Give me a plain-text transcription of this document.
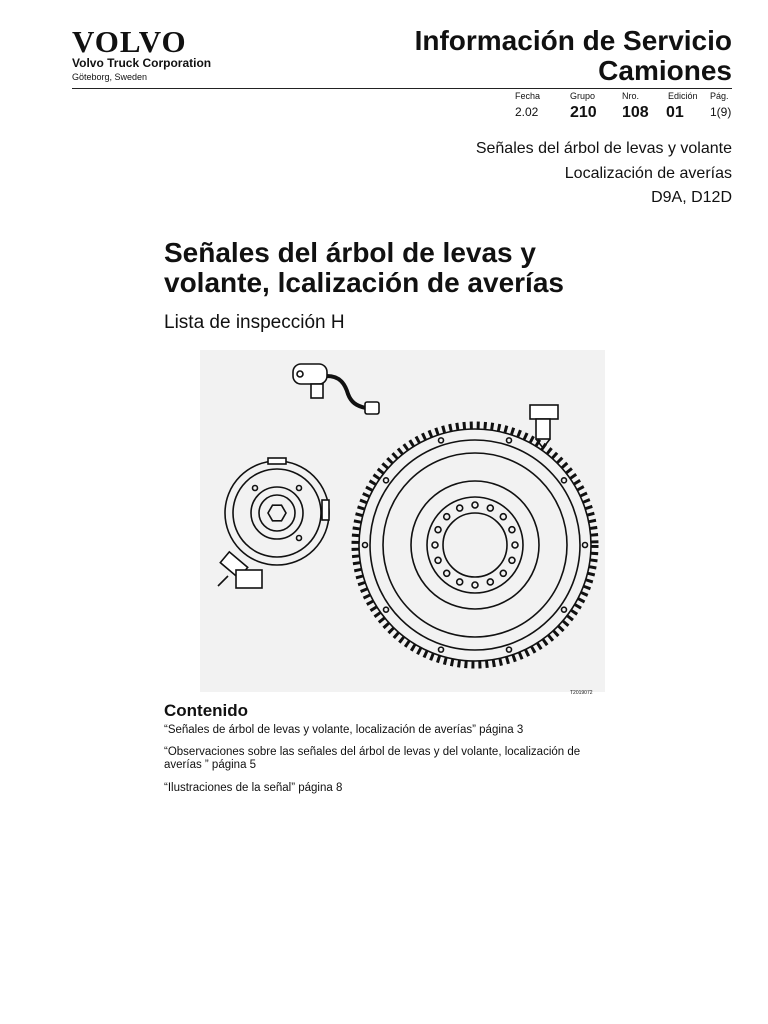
VOLVO
Volvo Truck Corporation
Göteborg, Sweden
Información de Servicio
Camiones
Fecha	Grupo	Nro.	Edición Pág.
2.02 210 108 01 1(9)
Señales del árbol de levas y volante
Localización de averías
D9A, D12D
Señales del árbol de levas y
volante, lcalización de averías
Lista de inspección H
T2019072
Contenido
“Señales de árbol de levas y volante, localización de averías” página 3
“Observaciones sobre las señales del árbol de levas y del volante, localización de
averías ” página 5
“Ilustraciones de la señal” página 8
